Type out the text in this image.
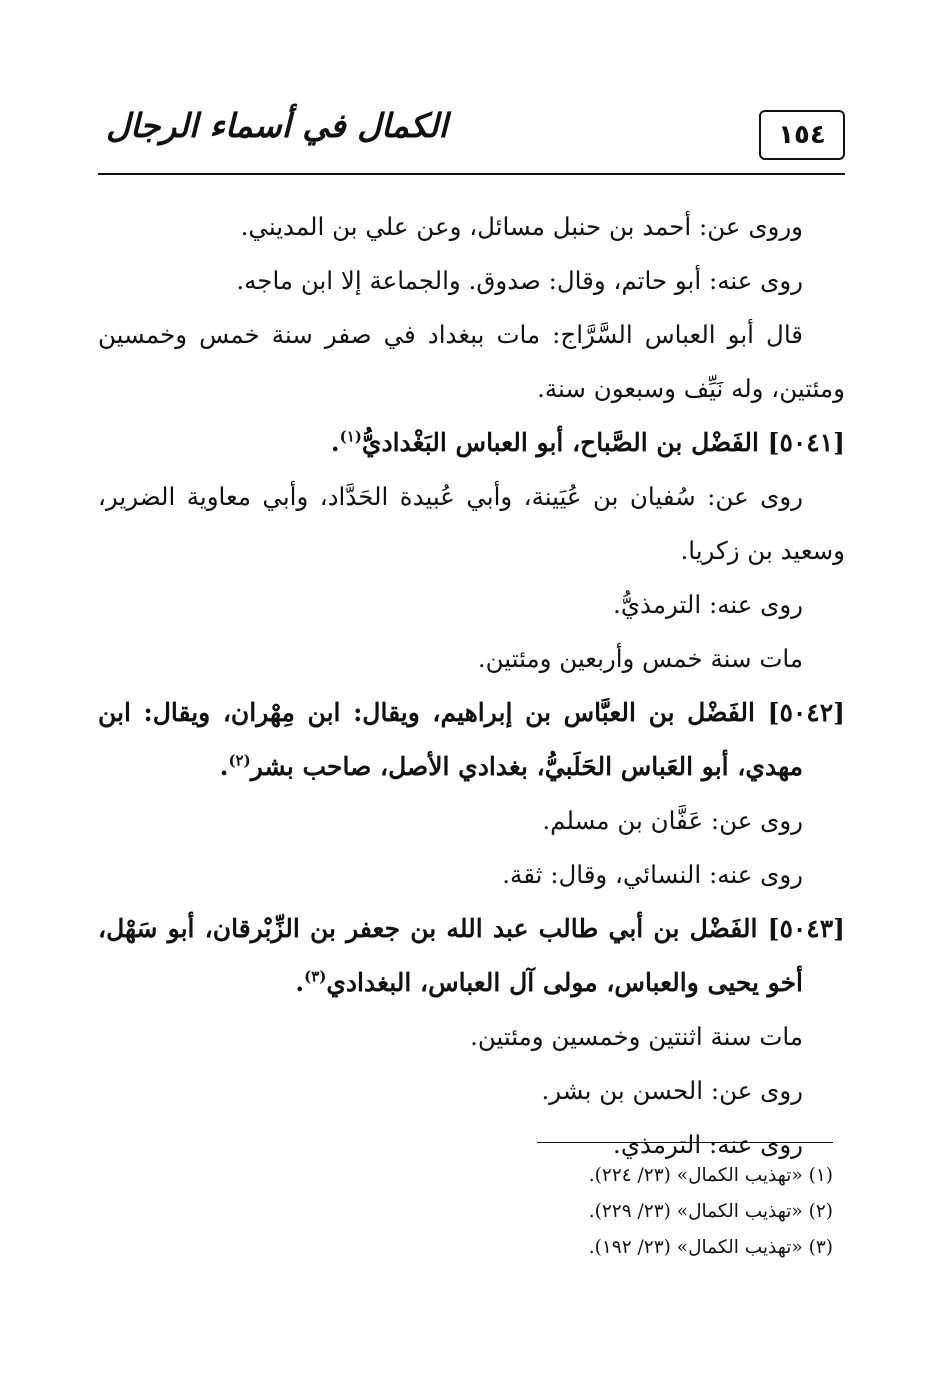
١٥٤
الكمال في أسماء الرجال
وروى عن: أحمد بن حنبل مسائل، وعن علي بن المديني.
روى عنه: أبو حاتم، وقال: صدوق. والجماعة إلا ابن ماجه.
قال أبو العباس السَّرَّاج: مات ببغداد في صفر سنة خمس وخمسين
ومئتين، وله نَيِّف وسبعون سنة.
[٥٠٤١] الفَضْل بن الصَّباح، أبو العباس البَغْداديُّ$^{(١)}$.
روى عن: سُفيان بن عُيَينة، وأبي عُبيدة الحَدَّاد، وأبي معاوية الضرير،
وسعيد بن زكريا.
روى عنه: الترمذيُّ.
مات سنة خمس وأربعين ومئتين.
[٥٠٤٢] الفَضْل بن العبَّاس بن إبراهيم، ويقال: ابن مِهْران، ويقال: ابن
مهدي، أبو العَباس الحَلَبيُّ، بغدادي الأصل، صاحب بشر$^{(٢)}$.
روى عن: عَفَّان بن مسلم.
روى عنه: النسائي، وقال: ثقة.
[٥٠٤٣] الفَضْل بن أبي طالب عبد الله بن جعفر بن الزِّبْرقان، أبو سَهْل،
أخو يحيى والعباس، مولى آل العباس، البغدادي$^{(٣)}$.
مات سنة اثنتين وخمسين ومئتين.
روى عن: الحسن بن بشر.
روى عنه: الترمذي.
(١) «تهذيب الكمال» (٢٣/ ٢٢٤).
(٢) «تهذيب الكمال» (٢٣/ ٢٢٩).
(٣) «تهذيب الكمال» (٢٣/ ١٩٢).
